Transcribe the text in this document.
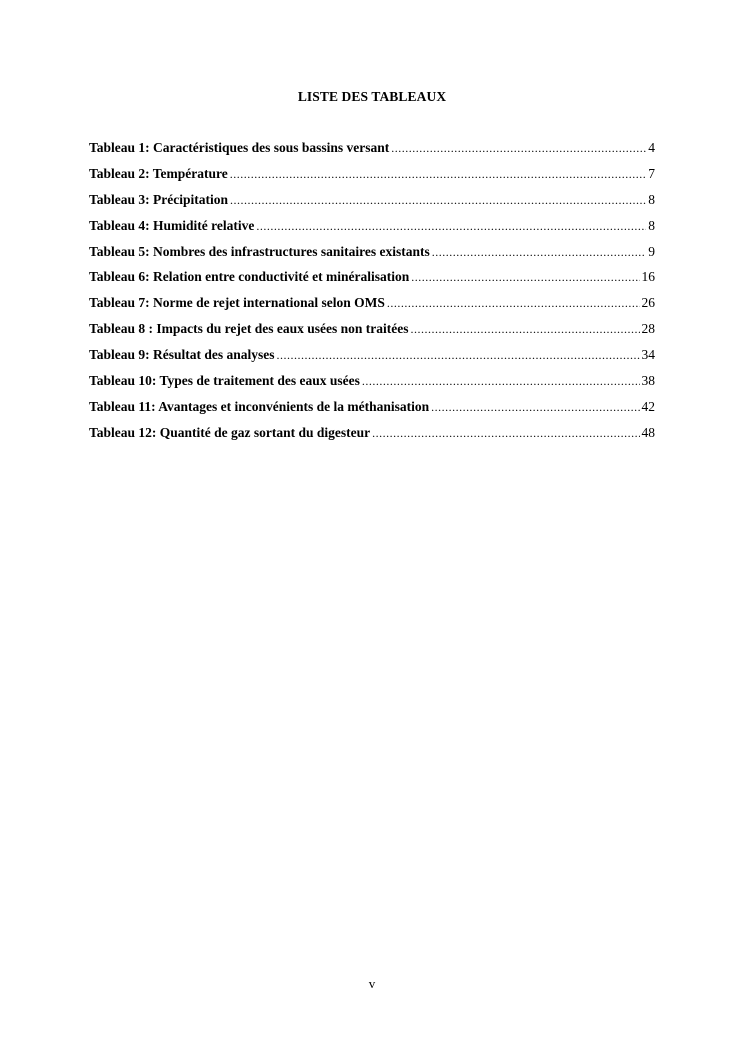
LISTE DES TABLEAUX
Tableau 1: Caractéristiques des sous bassins versant .....	4
Tableau 2: Température .....	7
Tableau 3: Précipitation .....	8
Tableau 4: Humidité relative .....	8
Tableau 5: Nombres des infrastructures sanitaires existants .....	9
Tableau 6: Relation entre conductivité et minéralisation .....	16
Tableau 7: Norme de rejet international selon OMS .....	26
Tableau 8 : Impacts du rejet des eaux usées non traitées .....	28
Tableau 9: Résultat des analyses .....	34
Tableau 10: Types de traitement des eaux usées .....	38
Tableau 11: Avantages et inconvénients de la méthanisation .....	42
Tableau 12: Quantité de gaz sortant du digesteur .....	48
v
